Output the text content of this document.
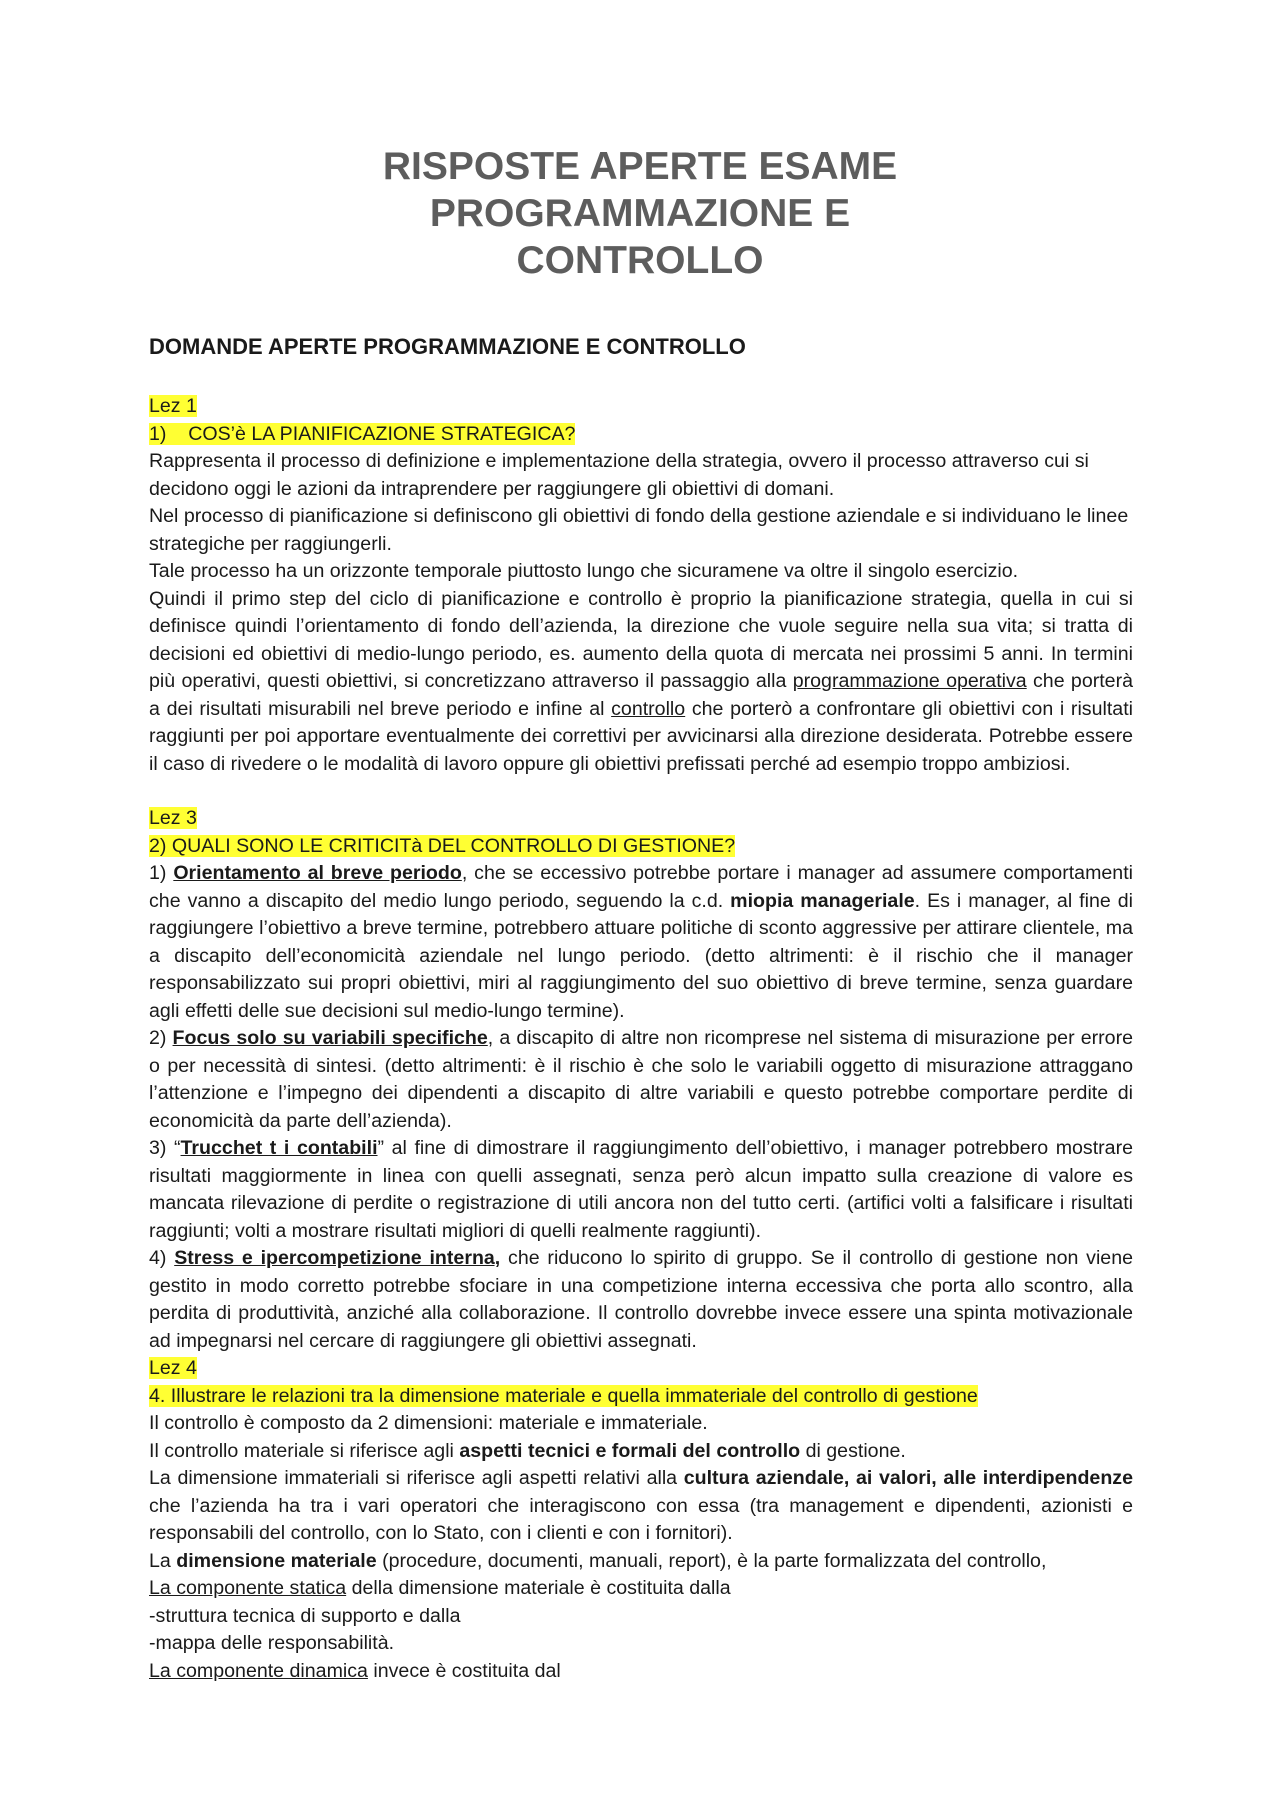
RISPOSTE APERTE ESAME
PROGRAMMAZIONE E
CONTROLLO

DOMANDE APERTE PROGRAMMAZIONE E CONTROLLO

Lez 1

1)    COS’è LA PIANIFICAZIONE STRATEGICA?

Rappresenta il processo di definizione e implementazione della strategia, ovvero il processo attraverso cui si decidono oggi le azioni da intraprendere per raggiungere gli obiettivi di domani.

Nel processo di pianificazione si definiscono gli obiettivi di fondo della gestione aziendale e si individuano le linee strategiche per raggiungerli.

Tale processo ha un orizzonte temporale piuttosto lungo che sicuramene va oltre il singolo esercizio.

Quindi il primo step del ciclo di pianificazione e controllo è proprio la pianificazione strategia, quella in cui si definisce quindi l’orientamento di fondo dell’azienda, la direzione che vuole seguire nella sua vita; si tratta di decisioni ed obiettivi di medio-lungo periodo, es. aumento della quota di mercata nei prossimi 5 anni. In termini più operativi, questi obiettivi, si concretizzano attraverso il passaggio alla programmazione operativa che porterà a dei risultati misurabili nel breve periodo e infine al controllo che porterò a confrontare gli obiettivi con i risultati raggiunti per poi apportare eventualmente dei correttivi per avvicinarsi alla direzione desiderata. Potrebbe essere il caso di rivedere o le modalità di lavoro oppure gli obiettivi prefissati perché ad esempio troppo ambiziosi.

Lez 3

2) QUALI SONO LE CRITICITà DEL CONTROLLO DI GESTIONE?

1) Orientamento al breve periodo, che se eccessivo potrebbe portare i manager ad assumere comportamenti che vanno a discapito del medio lungo periodo, seguendo la c.d. miopia manageriale. Es i manager, al fine di raggiungere l’obiettivo a breve termine, potrebbero attuare politiche di sconto aggressive per attirare clientele, ma a discapito dell’economicità aziendale nel lungo periodo. (detto altrimenti: è il rischio che il manager responsabilizzato sui propri obiettivi, miri al raggiungimento del suo obiettivo di breve termine, senza guardare agli effetti delle sue decisioni sul medio-lungo termine).

2) Focus solo su variabili specifiche, a discapito di altre non ricomprese nel sistema di misurazione per errore o per necessità di sintesi. (detto altrimenti: è il rischio è che solo le variabili oggetto di misurazione attraggano l’attenzione e l’impegno dei dipendenti a discapito di altre variabili e questo potrebbe comportare perdite di economicità da parte dell’azienda).

3) “Trucchet t i contabili” al fine di dimostrare il raggiungimento dell’obiettivo, i manager potrebbero mostrare risultati maggiormente in linea con quelli assegnati, senza però alcun impatto sulla creazione di valore es mancata rilevazione di perdite o registrazione di utili ancora non del tutto certi. (artifici volti a falsificare i risultati raggiunti; volti a mostrare risultati migliori di quelli realmente raggiunti).

4) Stress e ipercompetizione interna, che riducono lo spirito di gruppo. Se il controllo di gestione non viene gestito in modo corretto potrebbe sfociare in una competizione interna eccessiva che porta allo scontro, alla perdita di produttività, anziché alla collaborazione. Il controllo dovrebbe invece essere una spinta motivazionale ad impegnarsi nel cercare di raggiungere gli obiettivi assegnati.

Lez 4

4. Illustrare le relazioni tra la dimensione materiale e quella immateriale del controllo di gestione

Il controllo è composto da 2 dimensioni: materiale e immateriale.

Il controllo materiale si riferisce agli aspetti tecnici e formali del controllo di gestione.

La dimensione immateriali si riferisce agli aspetti relativi alla cultura aziendale, ai valori, alle interdipendenze che l’azienda ha tra i vari operatori che interagiscono con essa (tra management e dipendenti, azionisti e responsabili del controllo, con lo Stato, con i clienti e con i fornitori).

La dimensione materiale (procedure, documenti, manuali, report), è la parte formalizzata del controllo,

La componente statica della dimensione materiale è costituita dalla

-struttura tecnica di supporto e dalla

-mappa delle responsabilità.

La componente dinamica invece è costituita dal
